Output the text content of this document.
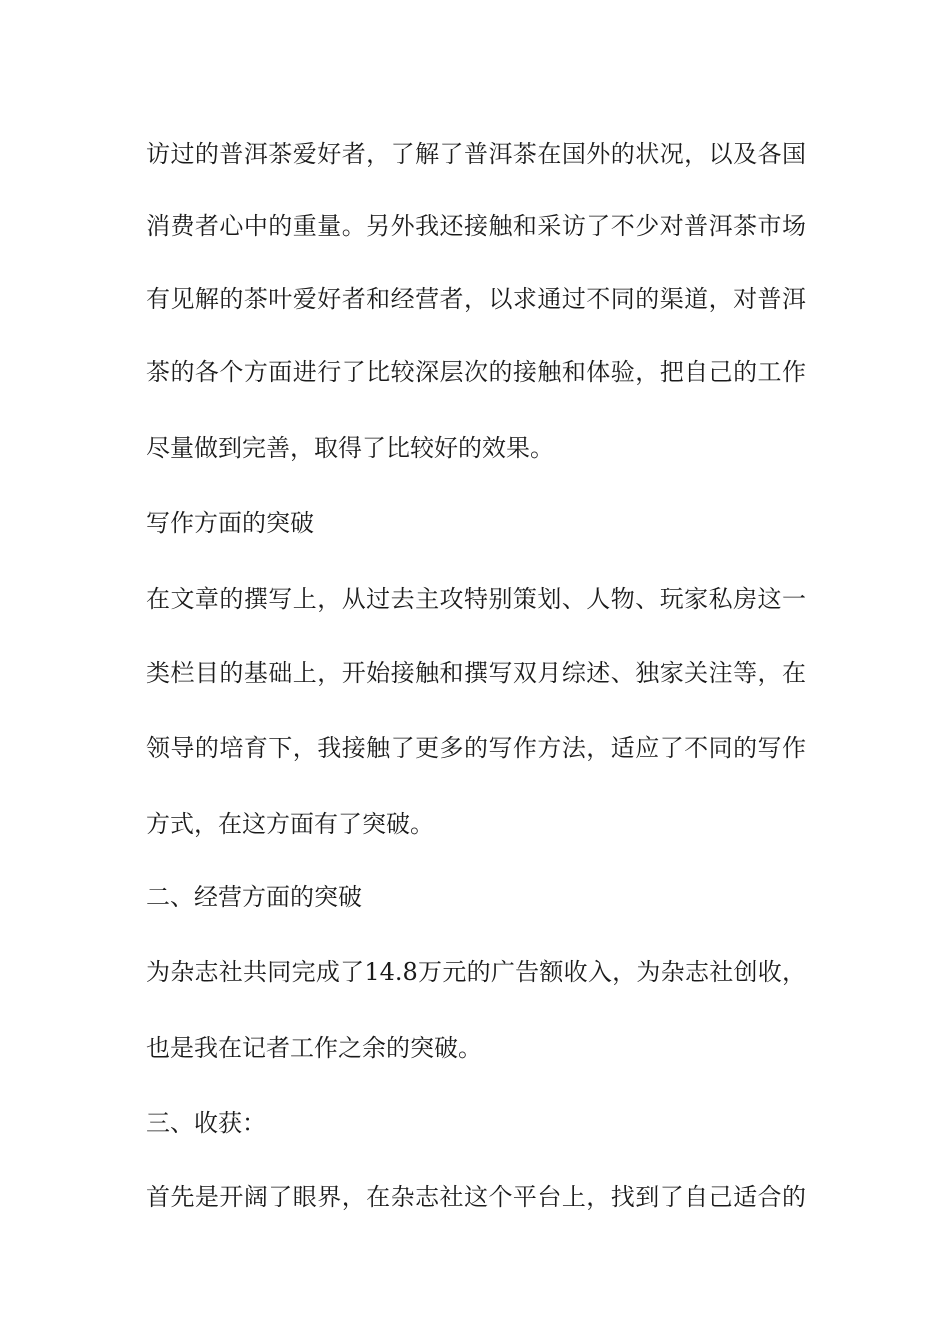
访过的普洱茶爱好者，了解了普洱茶在国外的状况，以及各国

消费者心中的重量。另外我还接触和采访了不少对普洱茶市场

有见解的茶叶爱好者和经营者，以求通过不同的渠道，对普洱

茶的各个方面进行了比较深层次的接触和体验，把自己的工作

尽量做到完善，取得了比较好的效果。

写作方面的突破

在文章的撰写上，从过去主攻特别策划、人物、玩家私房这一

类栏目的基础上，开始接触和撰写双月综述、独家关注等，在

领导的培育下，我接触了更多的写作方法，适应了不同的写作

方式，在这方面有了突破。

二、经营方面的突破

为杂志社共同完成了14.8万元的广告额收入，为杂志社创收，

也是我在记者工作之余的突破。

三、收获：

首先是开阔了眼界，在杂志社这个平台上，找到了自己适合的
